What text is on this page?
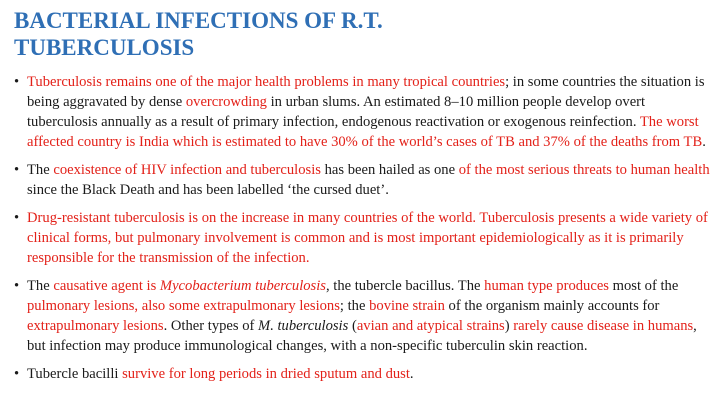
BACTERIAL INFECTIONS OF R.T.
TUBERCULOSIS
• Tuberculosis remains one of the major health problems in many tropical countries; in some countries the situation is being aggravated by dense overcrowding in urban slums. An estimated 8–10 million people develop overt tuberculosis annually as a result of primary infection, endogenous reactivation or exogenous reinfection. The worst affected country is India which is estimated to have 30% of the world’s cases of TB and 37% of the deaths from TB.
• The coexistence of HIV infection and tuberculosis has been hailed as one of the most serious threats to human health since the Black Death and has been labelled ‘the cursed duet’.
• Drug-resistant tuberculosis is on the increase in many countries of the world. Tuberculosis presents a wide variety of clinical forms, but pulmonary involvement is common and is most important epidemiologically as it is primarily responsible for the transmission of the infection.
• The causative agent is Mycobacterium tuberculosis, the tubercle bacillus. The human type produces most of the pulmonary lesions, also some extrapulmonary lesions; the bovine strain of the organism mainly accounts for extrapulmonary lesions. Other types of M. tuberculosis (avian and atypical strains) rarely cause disease in humans, but infection may produce immunological changes, with a non-specific tuberculin skin reaction.
• Tubercle bacilli survive for long periods in dried sputum and dust.
